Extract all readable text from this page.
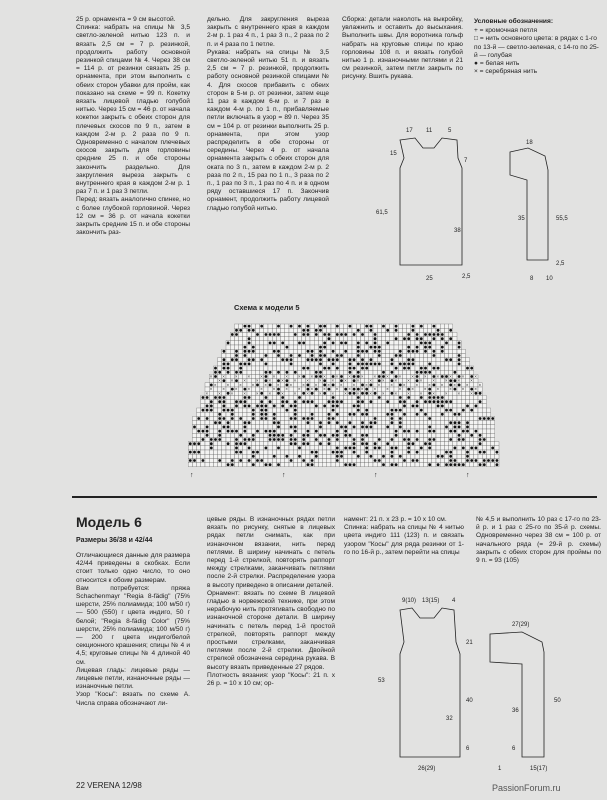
25 р. орнамента = 9 см высотой.

Спинка: набрать на спицы № 3,5 светло-зеленой нитью 123 п. и вязать 2,5 см = 7 р. резинкой, продолжить работу основной резинкой спицами № 4. Через 38 см = 114 р. от резинки связать 25 р. орнамента, при этом выполнить с обеих сторон убавки для пройм, как показано на схеме = 99 п. Кокетку вязать лицевой гладью голубой нитью. Через 15 см = 46 р. от начала кокетки закрыть с обеих сторон для плечевых скосов по 9 п., затем в каждом 2-м р. 2 раза по 9 п. Одновременно с началом плечевых скосов закрыть для горловины средние 25 п. и обе стороны закончить раздельно. Для закругления выреза закрыть с внутреннего края в каждом 2-м р. 1 раз 7 п. и 1 раз 3 петли.

Перед: вязать аналогично спинке, но с более глубокой горловиной. Через 12 см = 36 р. от начала кокетки закрыть средние 15 п. и обе стороны закончить раз-

дельно. Для закругления выреза закрыть с внутреннего края в каждом 2-м р. 1 раз 4 п., 1 раз 3 п., 2 раза по 2 п. и 4 раза по 1 петле.

Рукава: набрать на спицы № 3,5 светло-зеленой нитью 51 п. и вязать 2,5 см = 7 р. резинкой, продолжить работу основной резинкой спицами № 4. Для скосов прибавить с обеих сторон в 5-м р. от резинки, затем еще 11 раз в каждом 6-м р. и 7 раз в каждом 4-м р. по 1 п., прибавляемые петли включать в узор = 89 п. Через 35 см = 104 р. от резинки выполнить 25 р. орнамента, при этом узор распределить в обе стороны от середины. Через 4 р. от начала орнамента закрыть с обеих сторон для оката по 3 п., затем в каждом 2-м р. 2 раза по 2 п., 15 раз по 1 п., 3 раза по 2 п., 1 раз по 3 п., 1 раз по 4 п. и в одном ряду оставшиеся 17 п. Закончив орнамент, продолжить работу лицевой гладью голубой нитью.

Сборка: детали наколоть на выкройку, увлажнить и оставить до высыхания. Выполнить швы. Для воротника гольф набрать на круговые спицы по краю горловины 108 п. и вязать голубой нитью 1 р. изнаночными петлями и 21 см резинкой, затем петли закрыть по рисунку. Вшить рукава.

Условные обозначения:
+ = кромочная петля
□ = нить основного цвета: в рядах с 1-го по 13-й — светло-зеленая, с 14-го по 25-й — голубая
● = белая нить
× = серебряная нить
17 11	5
15
7
61,5
38
2,5
25
18
55,5
35
2,5
8 10
Схема к модели 5
× × × × × × × × × × × × × × × × × × × × × ×
× × × × × × × × × × × × × × × × × × × × ×
× × × × × × × × × × × × × × × × × × × × × ×
× × × × × × × × × × × × × × × × × × × × × ×
× × × × × × × × × × × × × × × × × × × × × ×
↑	↑	↑	↑
Модель 6
Размеры 36/38 и 42/44

Отличающиеся данные для размера 42/44 приведены в скобках. Если стоит только одно число, то оно относится к обоим размерам.

Вам потребуется: пряжа Schachenmayr "Regia 8-fädig" (75% шерсти, 25% полиамида; 100 м/50 г) — 500 (550) г цвета индиго, 50 г белой; "Regia 8-fädig Color" (75% шерсти, 25% полиамида; 100 м/50 г) — 200 г цвета индиго/белой секционного крашения; спицы № 4 и 4,5; круговые спицы № 4 длиной 40 см.

Лицевая гладь: лицевые ряды — лицевые петли, изнаночные ряды — изнаночные петли.

Узор "Косы": вязать по схеме А. Числа справа обозначают ли-

цевые ряды. В изнаночных рядах петли вязать по рисунку, снятые в лицевых рядах петли снимать, как при изнаночном вязании, нить перед петлями. В ширину начинать с петель перед 1-й стрелкой, повторять раппорт между стрелками, заканчивать петлями после 2-й стрелки. Распределение узора в высоту приведено в описании деталей.

Орнамент: вязать по схеме В лицевой гладью в норвежской технике, при этом нерабочую нить протягивать свободно по изнаночной стороне детали. В ширину начинать с петель перед 1-й простой стрелкой, повторять раппорт между простыми стрелками, заканчивая петлями после 2-й стрелки. Двойной стрелкой обозначена середина рукава. В высоту вязать приведенные 27 рядов.

Плотность вязания: узор "Косы": 21 п. х 26 р. = 10 х 10 см; ор-

намент: 21 п. х 23 р. = 10 х 10 см.

Спинка: набрать на спицы № 4 нитью цвета индиго 111 (123) п. и связать узором "Косы" для ряда резинки от 1-го по 16-й р., затем перейти на спицы

№ 4,5 и выполнить 10 раз с 17-го по 23-й р. и 1 раз с 25-го по 35-й р. схемы. Одновременно через 38 см = 100 р. от начального ряда (= 29-й р. схемы) закрыть с обеих сторон для проймы по 9 п. = 93 (105)

9(10) 13(15) 4
53
21
40
32
6
26(29)
27(29)
50
36
6
1	15(17)
22 VERENA 12/98	PassionForum.ru
